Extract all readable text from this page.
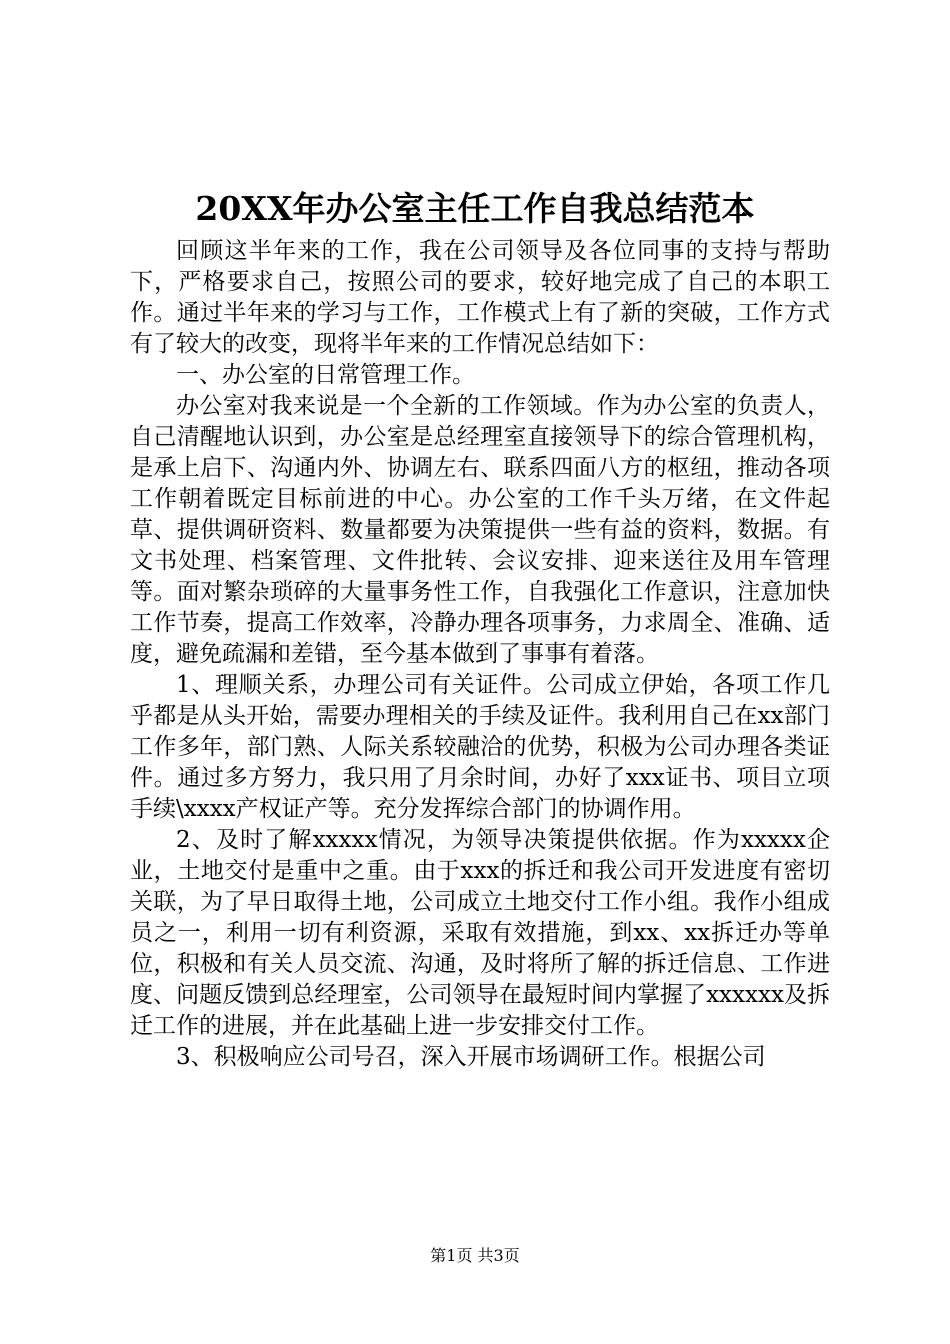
20XX年办公室主任工作自我总结范本

回顾这半年来的工作，我在公司领导及各位同事的支持与帮助下，严格要求自己，按照公司的要求，较好地完成了自己的本职工作。通过半年来的学习与工作，工作模式上有了新的突破，工作方式有了较大的改变，现将半年来的工作情况总结如下：

一、办公室的日常管理工作。

办公室对我来说是一个全新的工作领域。作为办公室的负责人，自己清醒地认识到，办公室是总经理室直接领导下的综合管理机构，是承上启下、沟通内外、协调左右、联系四面八方的枢纽，推动各项工作朝着既定目标前进的中心。办公室的工作千头万绪，在文件起草、提供调研资料、数量都要为决策提供一些有益的资料，数据。有文书处理、档案管理、文件批转、会议安排、迎来送往及用车管理等。面对繁杂琐碎的大量事务性工作，自我强化工作意识，注意加快工作节奏，提高工作效率，冷静办理各项事务，力求周全、准确、适度，避免疏漏和差错，至今基本做到了事事有着落。

1、理顺关系，办理公司有关证件。公司成立伊始，各项工作几乎都是从头开始，需要办理相关的手续及证件。我利用自己在xx部门工作多年，部门熟、人际关系较融洽的优势，积极为公司办理各类证件。通过多方努力，我只用了月余时间，办好了xxx证书、项目立项手续\xxxx产权证产等。充分发挥综合部门的协调作用。

2、及时了解xxxxx情况，为领导决策提供依据。作为xxxxx企业，土地交付是重中之重。由于xxx的拆迁和我公司开发进度有密切关联，为了早日取得土地，公司成立土地交付工作小组。我作小组成员之一，利用一切有利资源，采取有效措施，到xx、xx拆迁办等单位，积极和有关人员交流、沟通，及时将所了解的拆迁信息、工作进度、问题反馈到总经理室，公司领导在最短时间内掌握了xxxxxx及拆迁工作的进展，并在此基础上进一步安排交付工作。

3、积极响应公司号召，深入开展市场调研工作。根据公司

第1页 共3页
